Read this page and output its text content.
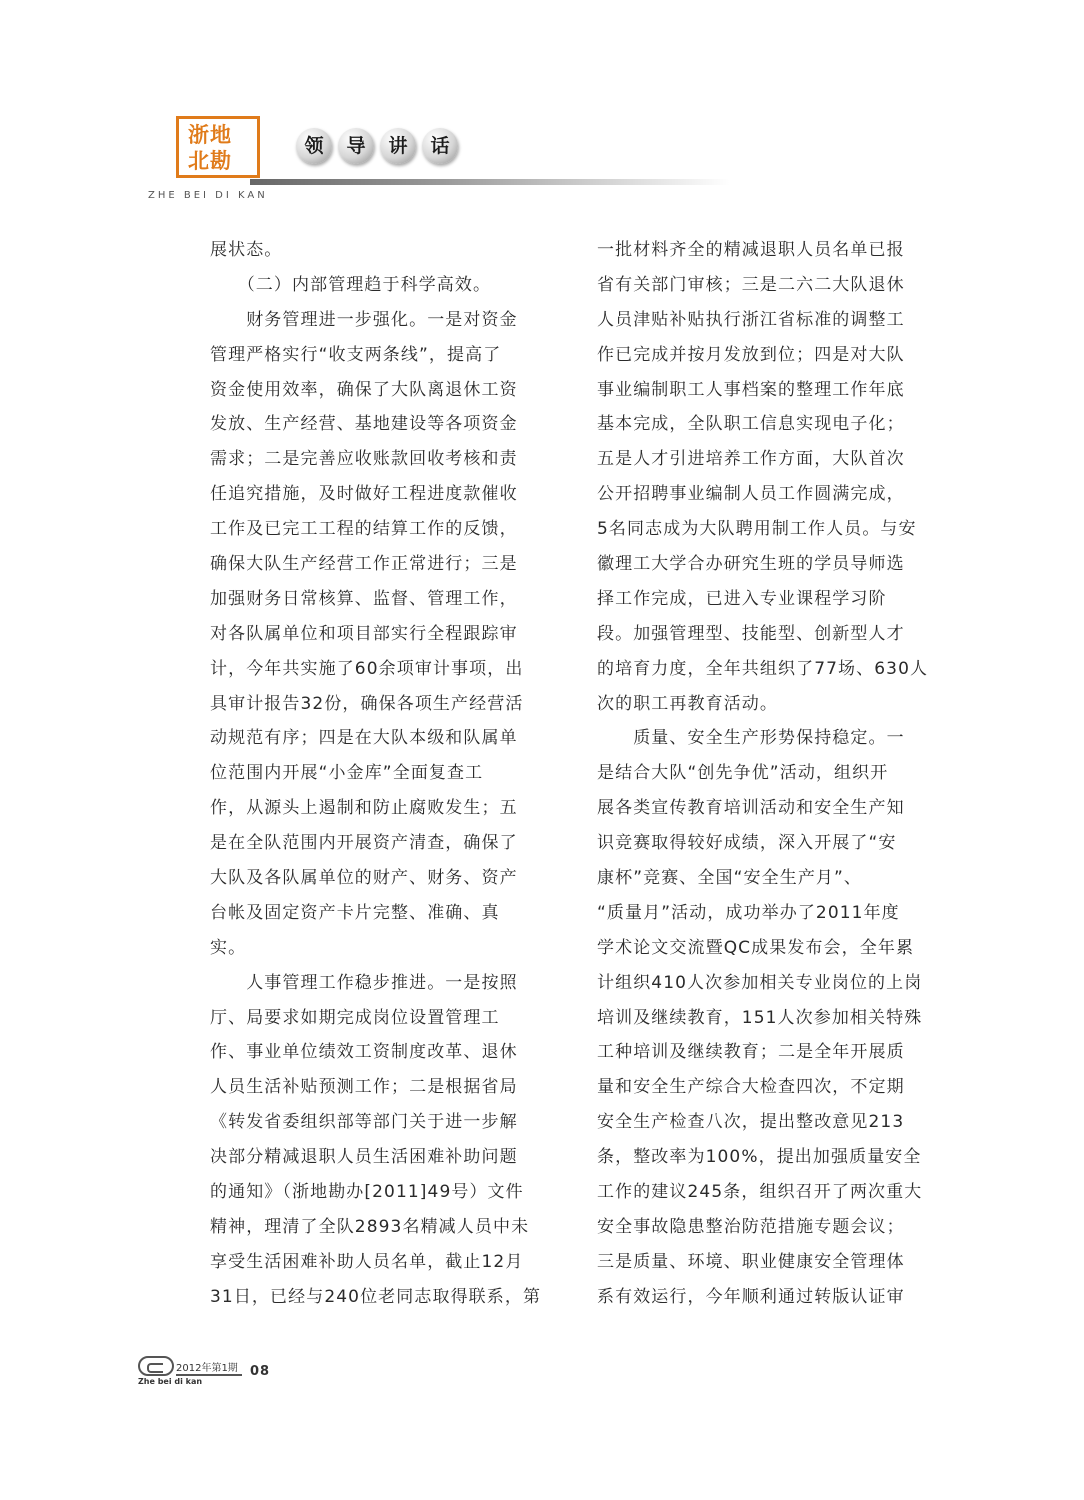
浙地
北勘
ZHE BEI DI KAN
领	导	讲	话
展状态。
　　（二）内部管理趋于科学高效。
　　财务管理进一步强化。一是对资金
管理严格实行“收支两条线”，提高了
资金使用效率，确保了大队离退休工资
发放、生产经营、基地建设等各项资金
需求；二是完善应收账款回收考核和责
任追究措施，及时做好工程进度款催收
工作及已完工工程的结算工作的反馈，
确保大队生产经营工作正常进行；三是
加强财务日常核算、监督、管理工作，
对各队属单位和项目部实行全程跟踪审
计，今年共实施了60余项审计事项，出
具审计报告32份，确保各项生产经营活
动规范有序；四是在大队本级和队属单
位范围内开展“小金库”全面复查工
作，从源头上遏制和防止腐败发生；五
是在全队范围内开展资产清查，确保了
大队及各队属单位的财产、财务、资产
台帐及固定资产卡片完整、准确、真
实。
　　人事管理工作稳步推进。一是按照
厅、局要求如期完成岗位设置管理工
作、事业单位绩效工资制度改革、退休
人员生活补贴预测工作；二是根据省局
《转发省委组织部等部门关于进一步解
决部分精减退职人员生活困难补助问题
的通知》（浙地勘办[2011]49号）文件
精神，理清了全队2893名精减人员中未
享受生活困难补助人员名单，截止12月
31日，已经与240位老同志取得联系，第
一批材料齐全的精减退职人员名单已报
省有关部门审核；三是二六二大队退休
人员津贴补贴执行浙江省标准的调整工
作已完成并按月发放到位；四是对大队
事业编制职工人事档案的整理工作年底
基本完成，全队职工信息实现电子化；
五是人才引进培养工作方面，大队首次
公开招聘事业编制人员工作圆满完成，
5名同志成为大队聘用制工作人员。与安
徽理工大学合办研究生班的学员导师选
择工作完成，已进入专业课程学习阶
段。加强管理型、技能型、创新型人才
的培育力度，全年共组织了77场、630人
次的职工再教育活动。
　　质量、安全生产形势保持稳定。一
是结合大队“创先争优”活动，组织开
展各类宣传教育培训活动和安全生产知
识竞赛取得较好成绩，深入开展了“安
康杯”竞赛、全国“安全生产月”、
“质量月”活动，成功举办了2011年度
学术论文交流暨QC成果发布会，全年累
计组织410人次参加相关专业岗位的上岗
培训及继续教育，151人次参加相关特殊
工种培训及继续教育；二是全年开展质
量和安全生产综合大检查四次，不定期
安全生产检查八次，提出整改意见213
条，整改率为100%，提出加强质量安全
工作的建议245条，组织召开了两次重大
安全事故隐患整治防范措施专题会议；
三是质量、环境、职业健康安全管理体
系有效运行，今年顺利通过转版认证审
2012年第1期 08
Zhe bei di kan
